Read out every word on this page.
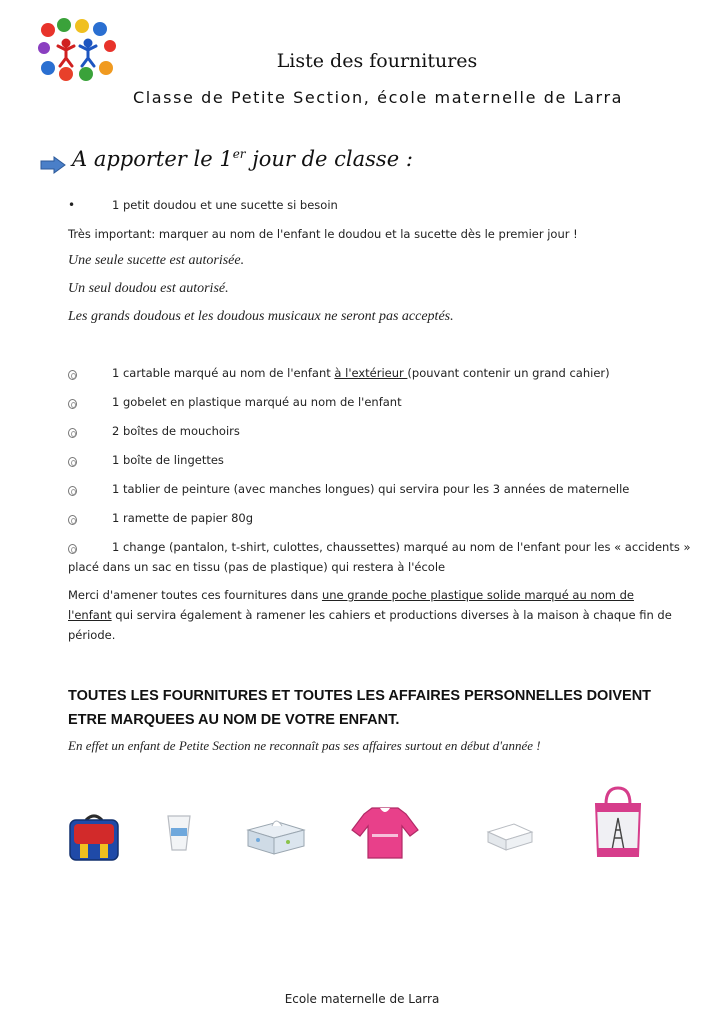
Liste des fournitures
Classe de Petite Section, école maternelle de Larra
A apporter le 1er jour de classe :
•	1 petit doudou et une sucette si besoin
Très important: marquer au nom de l'enfant le doudou et la sucette dès le premier jour !
Une seule sucette est autorisée.
Un seul doudou est autorisé.
Les grands doudous et les doudous musicaux ne seront pas acceptés.
1 cartable marqué au nom de l'enfant à l'extérieur (pouvant contenir un grand cahier)
1 gobelet en plastique marqué au nom de l'enfant
2 boîtes de mouchoirs
1 boîte de lingettes
1 tablier de peinture (avec manches longues) qui servira pour les 3 années de maternelle
1 ramette de papier 80g
1 change (pantalon, t-shirt, culottes, chaussettes) marqué au nom de l'enfant pour les « accidents »
placé dans un sac en tissu (pas de plastique) qui restera à l'école
Merci d'amener toutes ces fournitures dans une grande poche plastique solide marqué au nom de
l'enfant qui servira également à ramener les cahiers et productions diverses à la maison à chaque fin de
période.
TOUTES LES FOURNITURES ET TOUTES LES AFFAIRES PERSONNELLES DOIVENT ETRE MARQUEES AU NOM DE VOTRE ENFANT.
En effet un enfant de Petite Section ne reconnaît pas ses affaires surtout en début d'année !
Ecole maternelle de Larra
